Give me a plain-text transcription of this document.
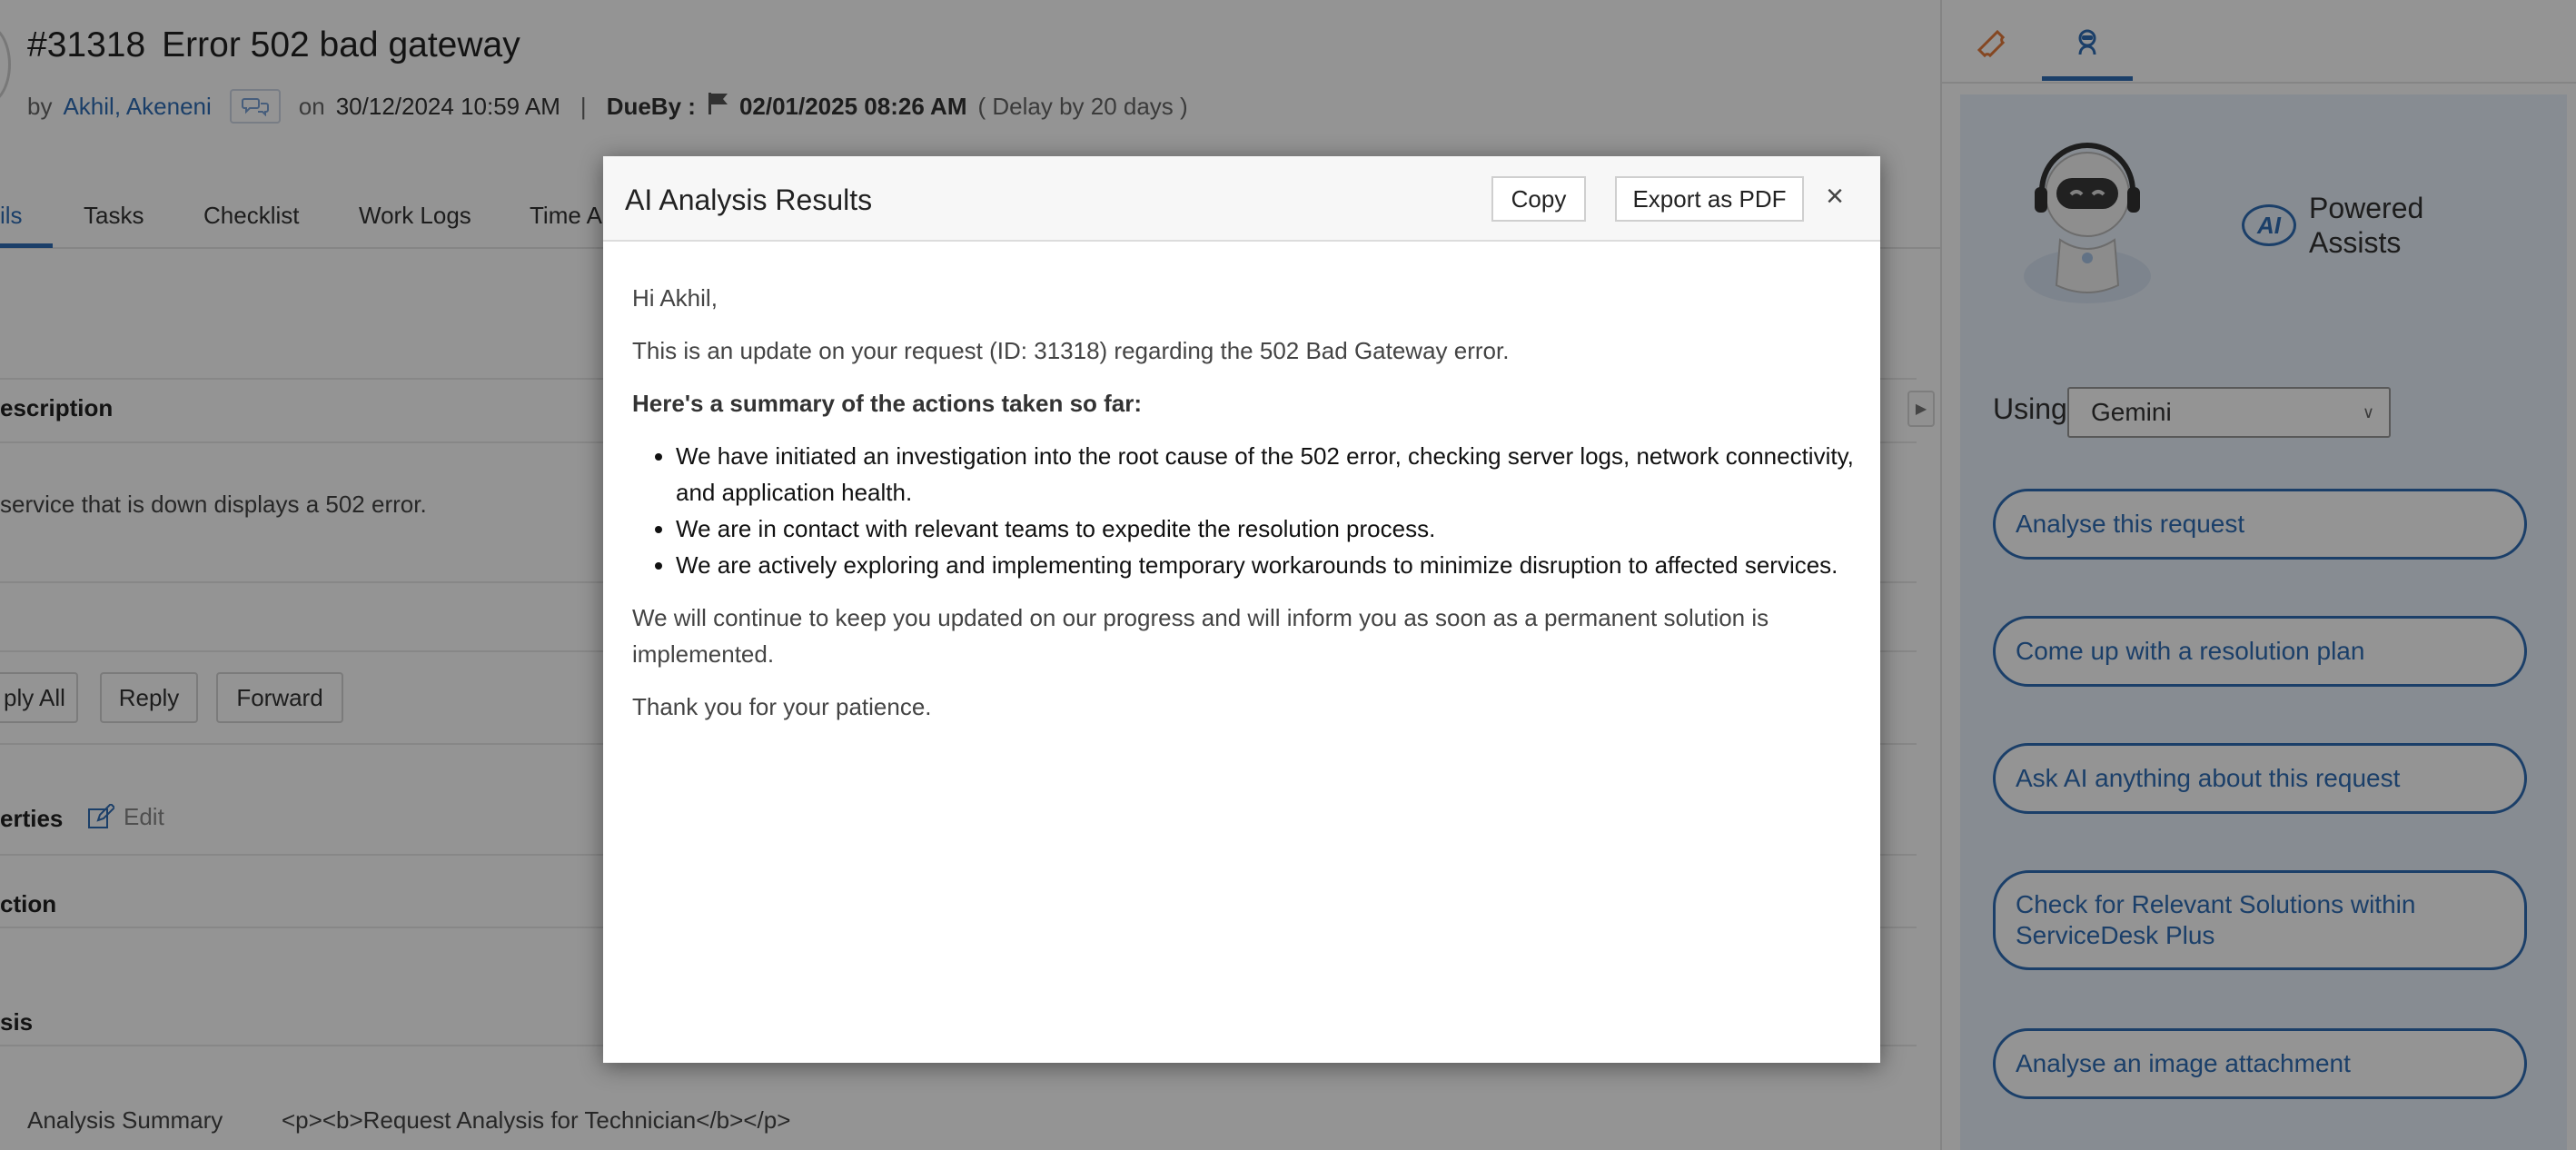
#31318 Error 502 bad gateway
by Akhil, Akeneni	on 30/12/2024 10:59 AM | DueBy : 02/01/2025 08:26 AM ( Delay by 20 days )
ils	Tasks	Checklist	Work Logs Time A
escription
service that is down displays a 502 error.
ply All	Reply	Forward
erties	Edit
ction
sis
Analysis Summary <p><b>Request Analysis for Technician</b></p>
▶
AI
Powered Assists
Using Gemini	∨
Analyse this request
Come up with a resolution plan
Ask AI anything about this request
Check for Relevant Solutions within ServiceDesk Plus
Analyse an image attachment
AI Analysis Results	Copy	Export as PDF	×

Hi Akhil,

This is an update on your request (ID: 31318) regarding the 502 Bad Gateway error.

Here's a summary of the actions taken so far:

• We have initiated an investigation into the root cause of the 502 error, checking server logs, network connectivity, and application health.
• We are in contact with relevant teams to expedite the resolution process.
• We are actively exploring and implementing temporary workarounds to minimize disruption to affected services.

We will continue to keep you updated on our progress and will inform you as soon as a permanent solution is implemented.

Thank you for your patience.
